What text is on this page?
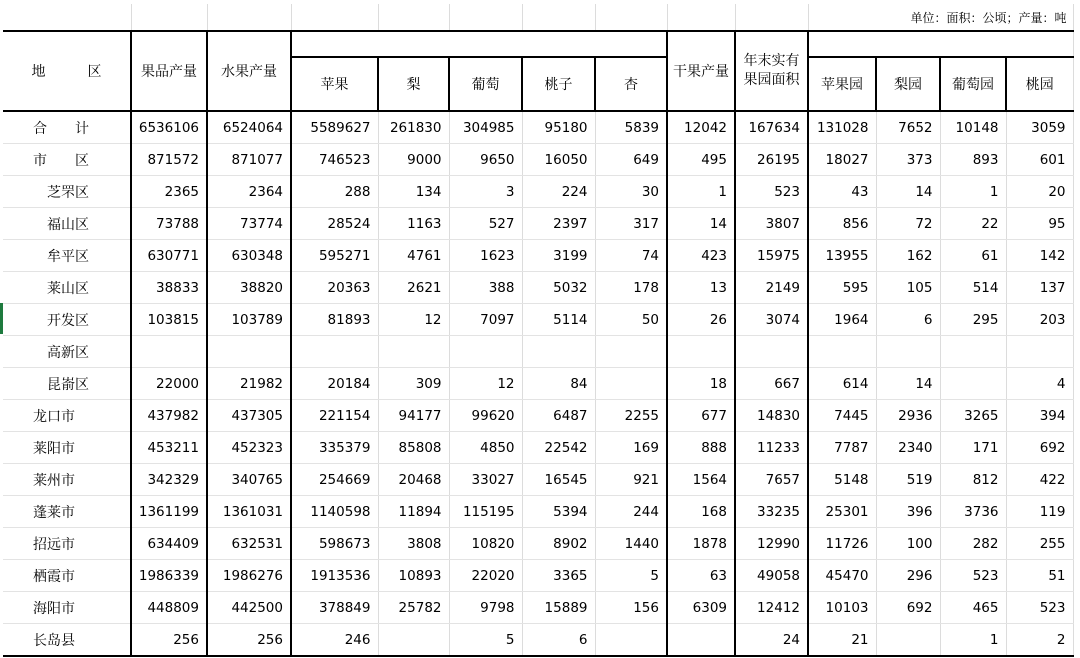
										单位：面积：公顷；产量：吨			
地　　区	果品产量	水果产量						干果产量	年末实有果园面积				
			苹果	梨	葡萄	桃子	杏			苹果园	梨园	葡萄园	桃园
合　　计	6536106	6524064	5589627	261830	304985	95180	5839	12042	167634	131028	7652	10148	3059
市　　区	871572	871077	746523	9000	9650	16050	649	495	26195	18027	373	893	601
芝罘区	2365	2364	288	134	3	224	30	1	523	43	14	1	20
福山区	73788	73774	28524	1163	527	2397	317	14	3807	856	72	22	95
牟平区	630771	630348	595271	4761	1623	3199	74	423	15975	13955	162	61	142
莱山区	38833	38820	20363	2621	388	5032	178	13	2149	595	105	514	137
开发区	103815	103789	81893	12	7097	5114	50	26	3074	1964	6	295	203
高新区													
昆嵛区	22000	21982	20184	309	12	84		18	667	614	14		4
龙口市	437982	437305	221154	94177	99620	6487	2255	677	14830	7445	2936	3265	394
莱阳市	453211	452323	335379	85808	4850	22542	169	888	11233	7787	2340	171	692
莱州市	342329	340765	254669	20468	33027	16545	921	1564	7657	5148	519	812	422
蓬莱市	1361199	1361031	1140598	11894	115195	5394	244	168	33235	25301	396	3736	119
招远市	634409	632531	598673	3808	10820	8902	1440	1878	12990	11726	100	282	255
栖霞市	1986339	1986276	1913536	10893	22020	3365	5	63	49058	45470	296	523	51
海阳市	448809	442500	378849	25782	9798	15889	156	6309	12412	10103	692	465	523
长岛县	256	256	246		5	6			24	21		1	2
